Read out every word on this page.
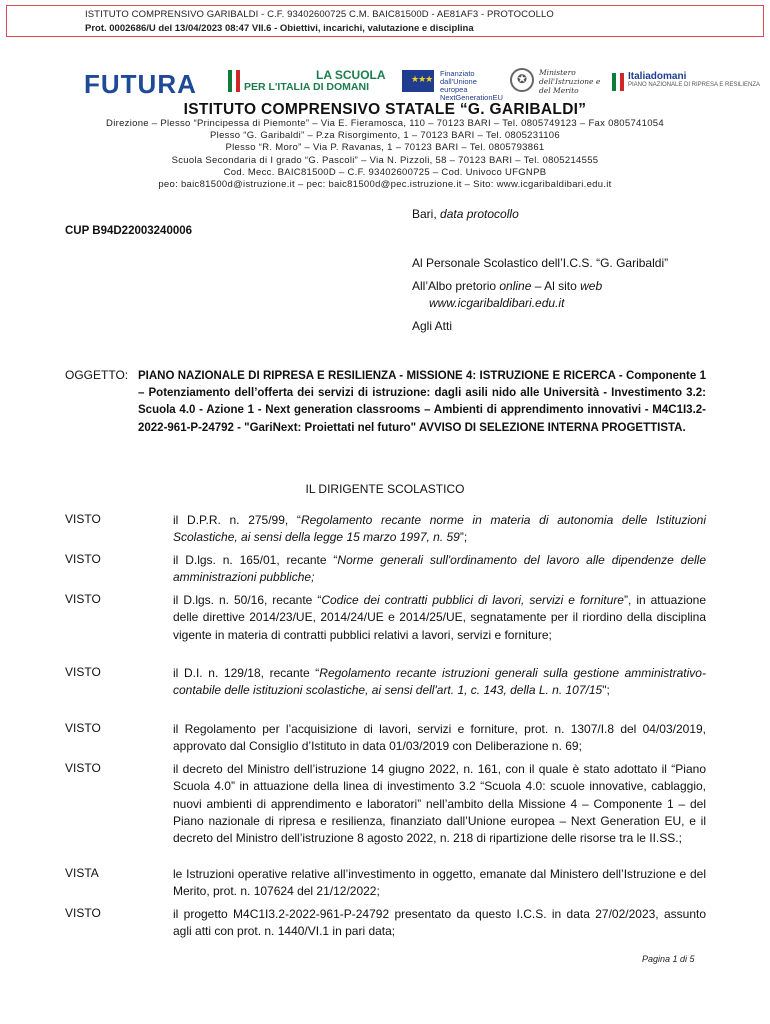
ISTITUTO COMPRENSIVO GARIBALDI - C.F. 93402600725 C.M. BAIC81500D - AE81AF3 - PROTOCOLLO
Prot. 0002686/U del 13/04/2023 08:47 VII.6 - Obiettivi, incarichi, valutazione e disciplina
FUTURA	PER L'ITALIA DI DOMANI
LA SCUOLA	★★★
Finanziato dall'Unione europea NextGenerationEU
✪	Ministero dell'Istruzione e del Merito
Italiadomani
PIANO NAZIONALE DI RIPRESA E RESILIENZA
ISTITUTO COMPRENSIVO STATALE “G. GARIBALDI”
Direzione – Plesso “Principessa di Piemonte” – Via E. Fieramosca, 110 – 70123 BARI – Tel. 0805749123 – Fax 0805741054
Plesso “G. Garibaldi” – P.za Risorgimento, 1 – 70123 BARI – Tel. 0805231106
Plesso “R. Moro” – Via P. Ravanas, 1 – 70123 BARI – Tel. 0805793861
Scuola Secondaria di I grado “G. Pascoli” – Via N. Pizzoli, 58 – 70123 BARI – Tel. 0805214555
Cod. Mecc. BAIC81500D – C.F. 93402600725 – Cod. Univoco UFGNPB
peo: baic81500d@istruzione.it – pec: baic81500d@pec.istruzione.it – Sito: www.icgaribaldibari.edu.it
Bari, data protocollo
CUP B94D22003240006
Al Personale Scolastico dell’I.C.S. “G. Garibaldi”
All’Albo pretorio online – Al sito web
www.icgaribaldibari.edu.it
Agli Atti
OGGETTO: PIANO NAZIONALE DI RIPRESA E RESILIENZA - MISSIONE 4: ISTRUZIONE E RICERCA - Componente 1 – Potenziamento dell’offerta dei servizi di istruzione: dagli asili nido alle Università - Investimento 3.2: Scuola 4.0 - Azione 1 - Next generation classrooms – Ambienti di apprendimento innovativi - M4C1I3.2-2022-961-P-24792 - "GariNext: Proiettati nel futuro" AVVISO DI SELEZIONE INTERNA PROGETTISTA.
IL DIRIGENTE SCOLASTICO
VISTO	il D.P.R. n. 275/99, “Regolamento recante norme in materia di autonomia delle Istituzioni Scolastiche, ai sensi della legge 15 marzo 1997, n. 59”;
VISTO	il D.lgs. n. 165/01, recante “Norme generali sull'ordinamento del lavoro alle dipendenze delle amministrazioni pubbliche;
VISTO	il D.lgs. n. 50/16, recante “Codice dei contratti pubblici di lavori, servizi e forniture”, in attuazione delle direttive 2014/23/UE, 2014/24/UE e 2014/25/UE, segnatamente per il riordino della disciplina vigente in materia di contratti pubblici relativi a lavori, servizi e forniture;
VISTO	il D.I. n. 129/18, recante “Regolamento recante istruzioni generali sulla gestione amministrativo-contabile delle istituzioni scolastiche, ai sensi dell'art. 1, c. 143, della L. n. 107/15";
VISTO	il Regolamento per l’acquisizione di lavori, servizi e forniture, prot. n. 1307/I.8 del 04/03/2019, approvato dal Consiglio d’Istituto in data 01/03/2019 con Deliberazione n. 69;
VISTO	il decreto del Ministro dell’istruzione 14 giugno 2022, n. 161, con il quale è stato adottato il “Piano Scuola 4.0” in attuazione della linea di investimento 3.2 “Scuola 4.0: scuole innovative, cablaggio, nuovi ambienti di apprendimento e laboratori” nell’ambito della Missione 4 – Componente 1 – del Piano nazionale di ripresa e resilienza, finanziato dall’Unione europea – Next Generation EU, e il decreto del Ministro dell’istruzione 8 agosto 2022, n. 218 di ripartizione delle risorse tra le II.SS.;
VISTA	le Istruzioni operative relative all’investimento in oggetto, emanate dal Ministero dell’Istruzione e del Merito, prot. n. 107624 del 21/12/2022;
VISTO	il progetto M4C1I3.2-2022-961-P-24792 presentato da questo I.C.S. in data 27/02/2023, assunto agli atti con prot. n. 1440/VI.1 in pari data;
Pagina 1 di 5
